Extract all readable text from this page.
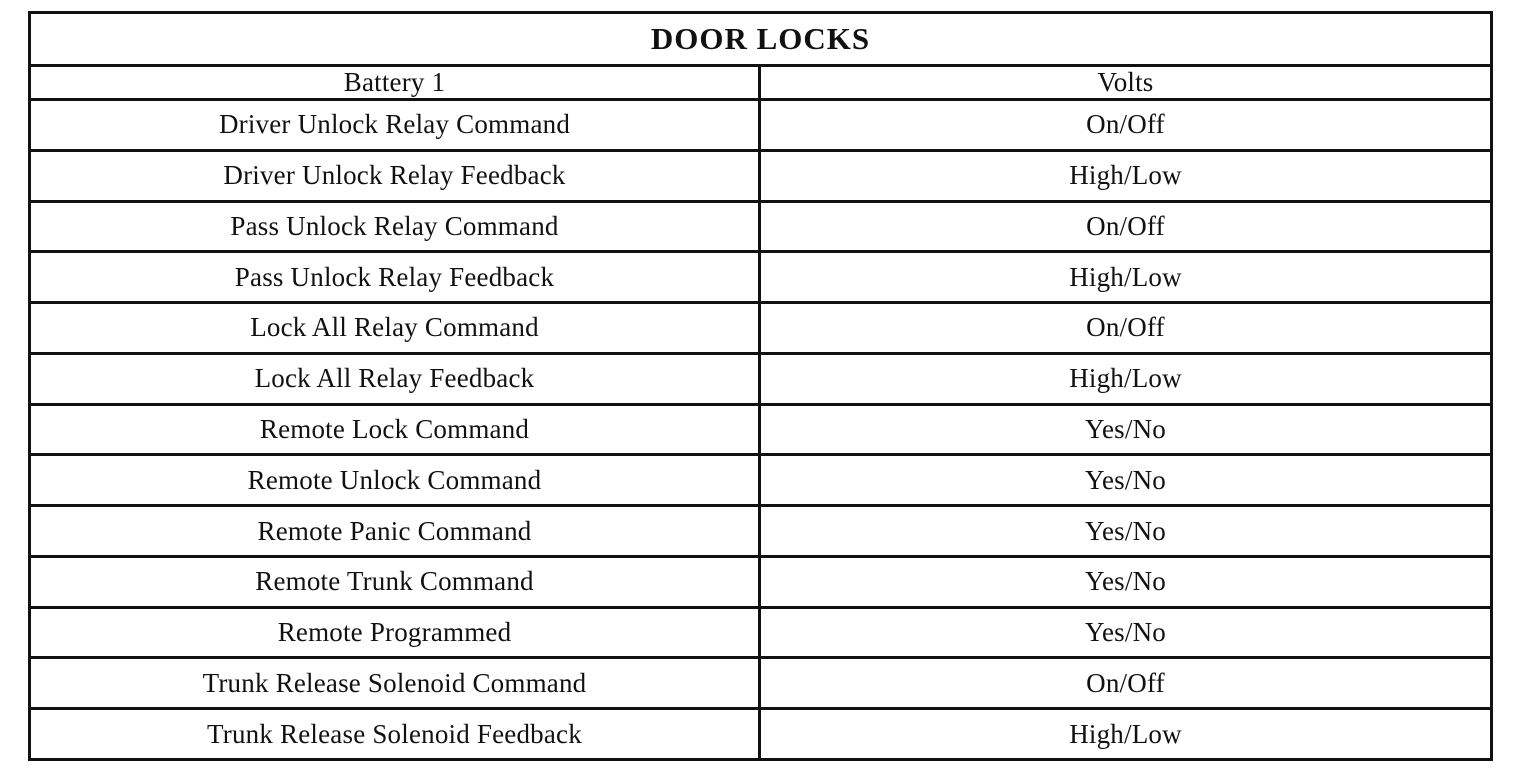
DOOR LOCKS	
Battery 1	Volts
Driver Unlock Relay Command	On/Off
Driver Unlock Relay Feedback	High/Low
Pass Unlock Relay Command	On/Off
Pass Unlock Relay Feedback	High/Low
Lock All Relay Command	On/Off
Lock All Relay Feedback	High/Low
Remote Lock Command	Yes/No
Remote Unlock Command	Yes/No
Remote Panic Command	Yes/No
Remote Trunk Command	Yes/No
Remote Programmed	Yes/No
Trunk Release Solenoid Command	On/Off
Trunk Release Solenoid Feedback	High/Low
